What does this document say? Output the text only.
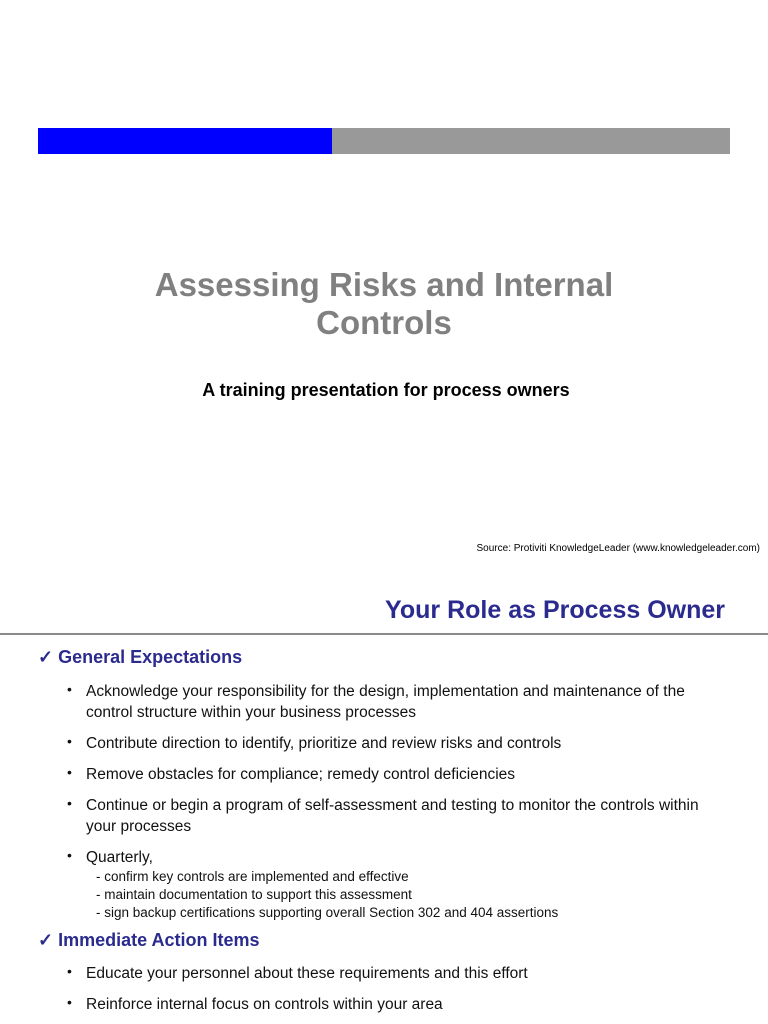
Assessing Risks and Internal
Controls

A training presentation for process owners

Source: Protiviti KnowledgeLeader (www.knowledgeleader.com)

Your Role as Process Owner
✓ General Expectations
• Acknowledge your responsibility for the design, implementation and maintenance of the control structure within your business processes
• Contribute direction to identify, prioritize and review risks and controls
• Remove obstacles for compliance; remedy control deficiencies
• Continue or begin a program of self-assessment and testing to monitor the controls within your processes
• Quarterly,
- confirm key controls are implemented and effective
- maintain documentation to support this assessment
- sign backup certifications supporting overall Section 302 and 404 assertions
✓ Immediate Action Items
• Educate your personnel about these requirements and this effort
• Reinforce internal focus on controls within your area
